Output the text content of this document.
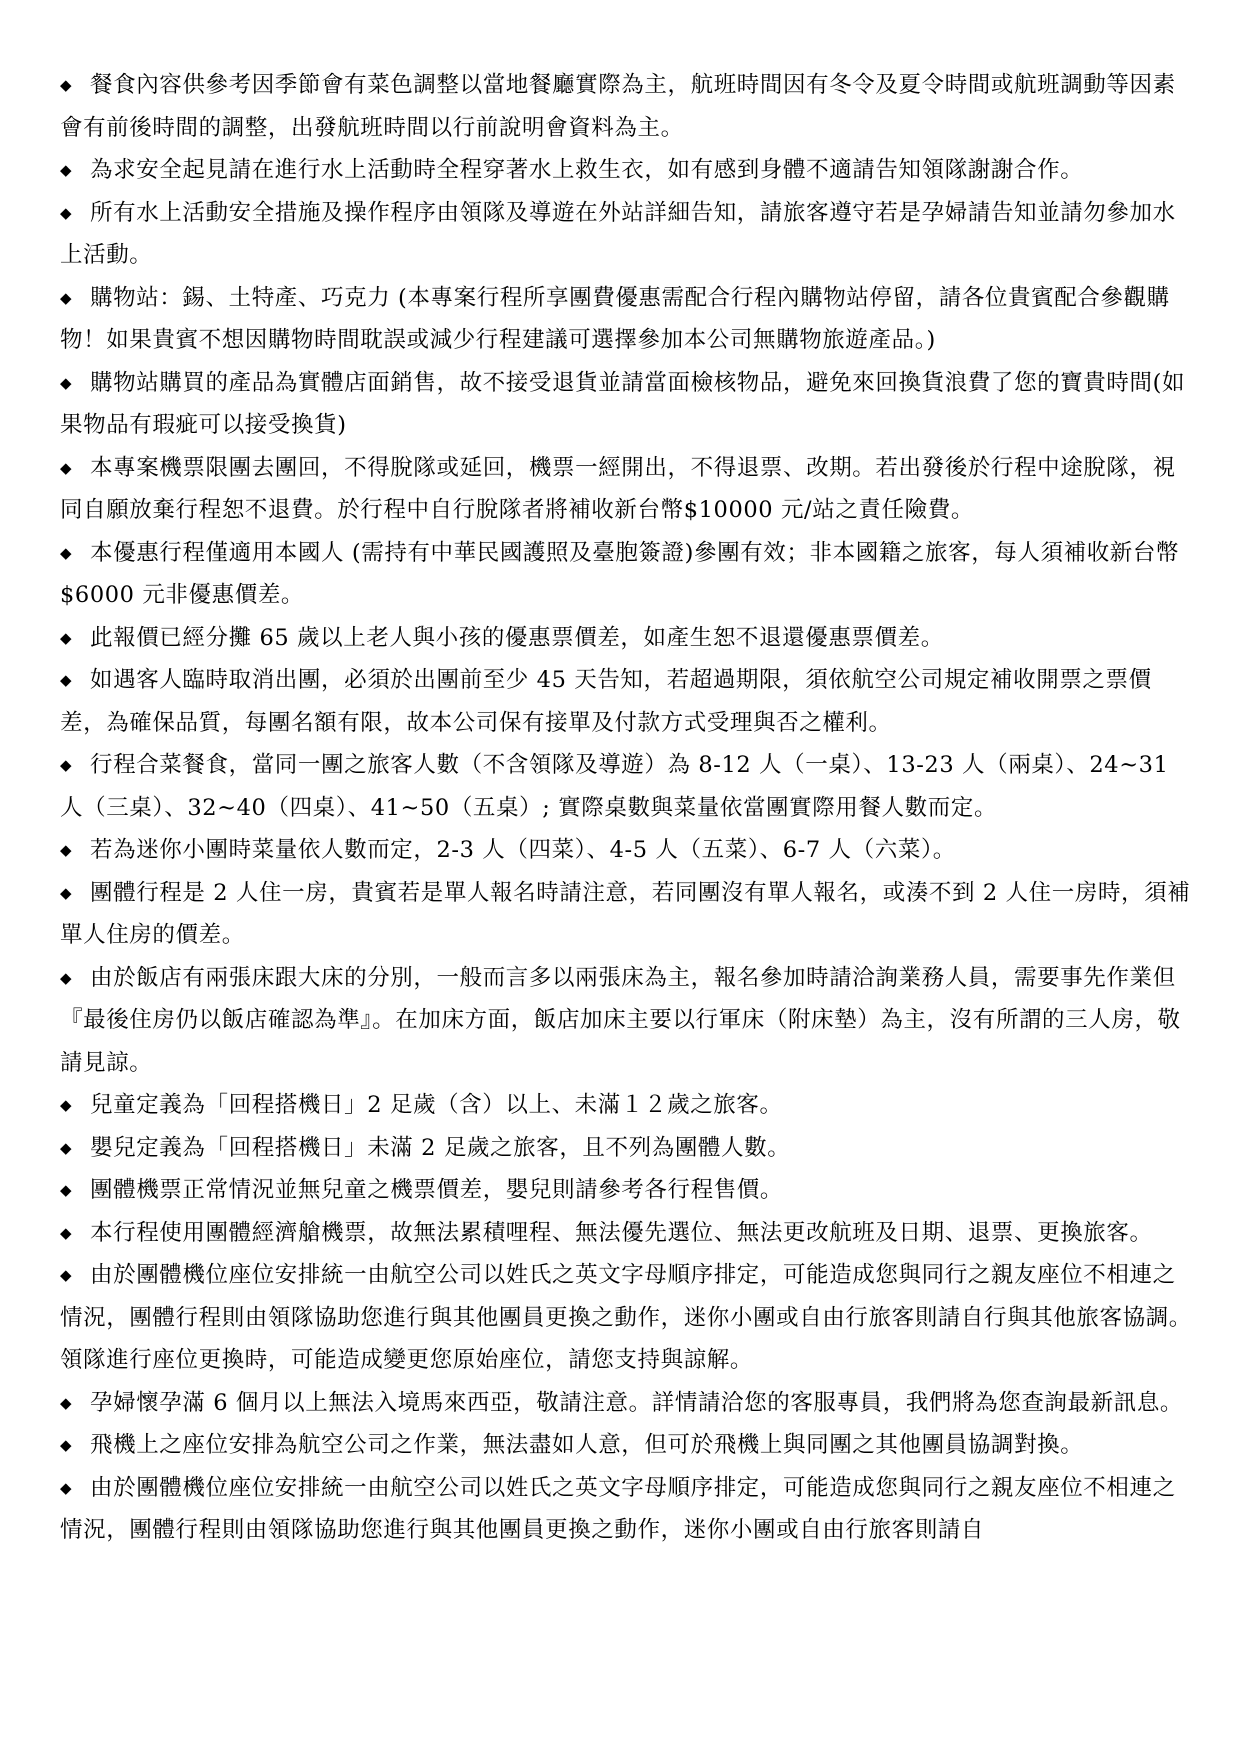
◆ 餐食內容供參考因季節會有菜色調整以當地餐廳實際為主，航班時間因有冬令及夏令時間或航班調動等因素會有前後時間的調整，出發航班時間以行前說明會資料為主。

◆ 為求安全起見請在進行水上活動時全程穿著水上救生衣，如有感到身體不適請告知領隊謝謝合作。

◆ 所有水上活動安全措施及操作程序由領隊及導遊在外站詳細告知，請旅客遵守若是孕婦請告知並請勿參加水上活動。

◆ 購物站：錫、土特產、巧克力 (本專案行程所享團費優惠需配合行程內購物站停留，請各位貴賓配合參觀購物！如果貴賓不想因購物時間耽誤或減少行程建議可選擇參加本公司無購物旅遊產品。)

◆ 購物站購買的產品為實體店面銷售，故不接受退貨並請當面檢核物品，避免來回換貨浪費了您的寶貴時間(如果物品有瑕疵可以接受換貨)

◆ 本專案機票限團去團回，不得脫隊或延回，機票一經開出，不得退票、改期。若出發後於行程中途脫隊，視同自願放棄行程恕不退費。於行程中自行脫隊者將補收新台幣$10000 元/站之責任險費。

◆ 本優惠行程僅適用本國人 (需持有中華民國護照及臺胞簽證)參團有效；非本國籍之旅客，每人須補收新台幣$6000 元非優惠價差。

◆ 此報價已經分攤 65 歲以上老人與小孩的優惠票價差，如產生恕不退還優惠票價差。

◆ 如遇客人臨時取消出團，必須於出團前至少 45 天告知，若超過期限，須依航空公司規定補收開票之票價差，為確保品質，每團名額有限，故本公司保有接單及付款方式受理與否之權利。

◆ 行程合菜餐食，當同一團之旅客人數（不含領隊及導遊）為 8-12 人（一桌）、13-23 人（兩桌）、24~31 人（三桌）、32~40（四桌）、41~50（五桌）; 實際桌數與菜量依當團實際用餐人數而定。

◆ 若為迷你小團時菜量依人數而定，2-3 人（四菜）、4-5 人（五菜）、6-7 人（六菜）。

◆ 團體行程是 2 人住一房，貴賓若是單人報名時請注意，若同團沒有單人報名，或湊不到 2 人住一房時，須補單人住房的價差。

◆ 由於飯店有兩張床跟大床的分別，一般而言多以兩張床為主，報名參加時請洽詢業務人員，需要事先作業但『最後住房仍以飯店確認為準』。在加床方面，飯店加床主要以行軍床（附床墊）為主，沒有所謂的三人房，敬請見諒。

◆ 兒童定義為「回程搭機日」2 足歲（含）以上、未滿１２歲之旅客。

◆ 嬰兒定義為「回程搭機日」未滿 2 足歲之旅客，且不列為團體人數。

◆ 團體機票正常情況並無兒童之機票價差，嬰兒則請參考各行程售價。

◆ 本行程使用團體經濟艙機票，故無法累積哩程、無法優先選位、無法更改航班及日期、退票、更換旅客。

◆ 由於團體機位座位安排統一由航空公司以姓氏之英文字母順序排定，可能造成您與同行之親友座位不相連之情況，團體行程則由領隊協助您進行與其他團員更換之動作，迷你小團或自由行旅客則請自行與其他旅客協調。領隊進行座位更換時，可能造成變更您原始座位，請您支持與諒解。

◆ 孕婦懷孕滿 6 個月以上無法入境馬來西亞，敬請注意。詳情請洽您的客服專員，我們將為您查詢最新訊息。

◆ 飛機上之座位安排為航空公司之作業，無法盡如人意，但可於飛機上與同團之其他團員協調對換。

◆ 由於團體機位座位安排統一由航空公司以姓氏之英文字母順序排定，可能造成您與同行之親友座位不相連之情況，團體行程則由領隊協助您進行與其他團員更換之動作，迷你小團或自由行旅客則請自
